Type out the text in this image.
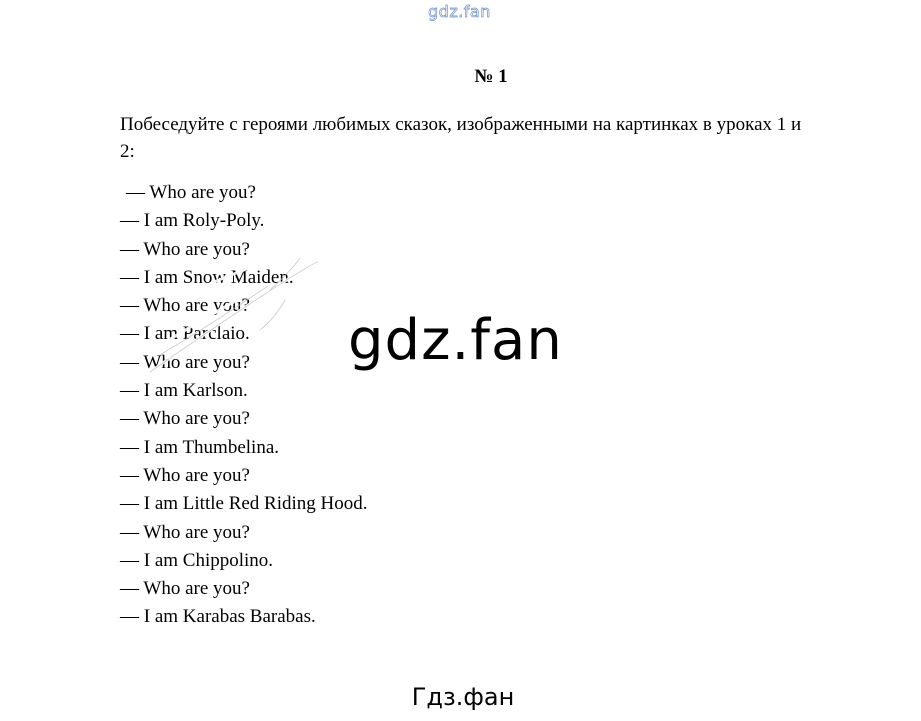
gdz.fan
№ 1
Побеседуйте с героями любимых сказок, изображенными на картинках в уроках 1 и 2:
— Who are you?
— I am Roly-Poly.
— Who are you?
— I am Snow Maiden.
— Who are you?
— I am Parclaio.
— Who are you?
— I am Karlson.
— Who are you?
— I am Thumbelina.
— Who are you?
— I am Little Red Riding Hood.
— Who are you?
— I am Chippolino.
— Who are you?
— I am Karabas Barabas.
gdz.fan
Гдз.фан
